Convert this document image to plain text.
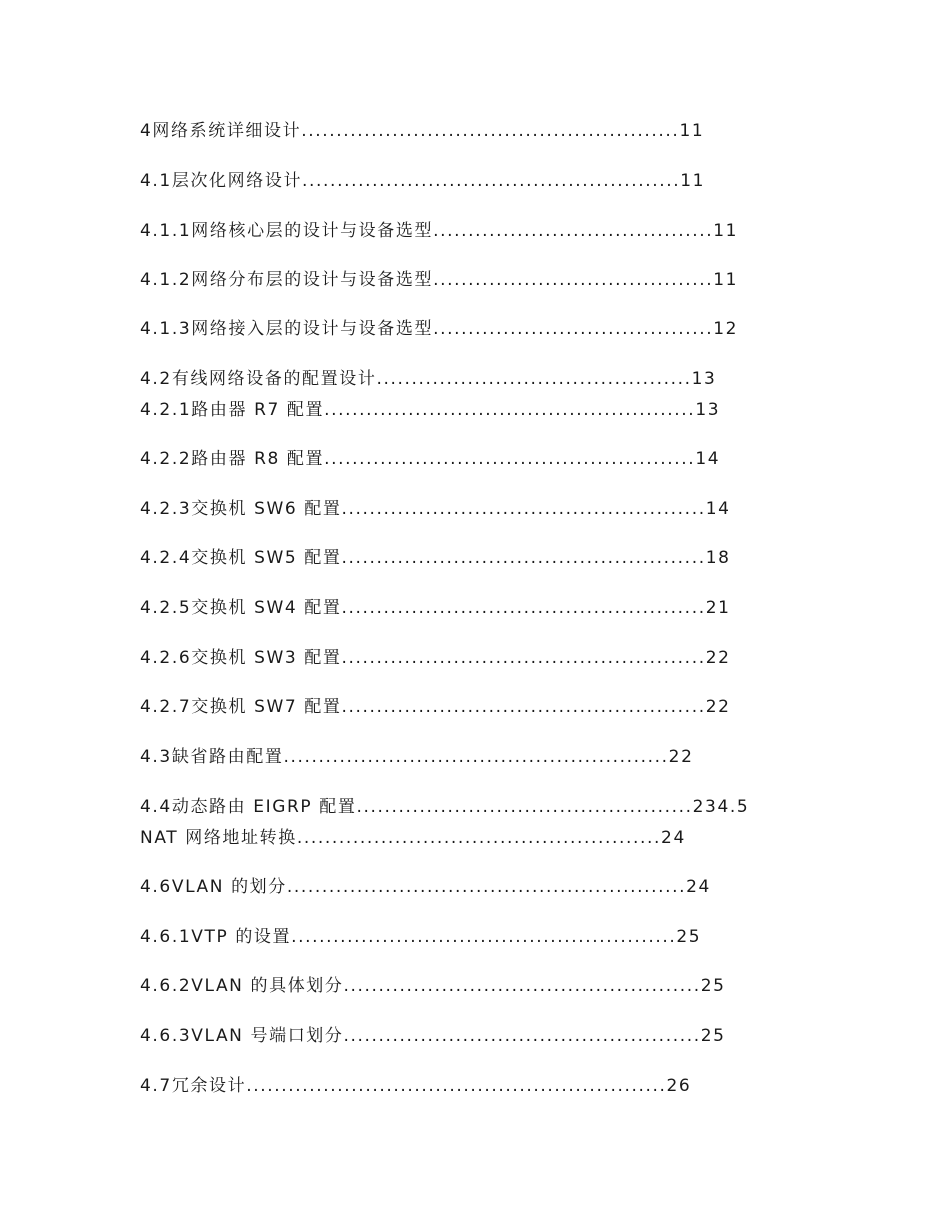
4网络系统详细设计......................................................11
4.1层次化网络设计......................................................11
4.1.1网络核心层的设计与设备选型........................................11
4.1.2网络分布层的设计与设备选型........................................11
4.1.3网络接入层的设计与设备选型........................................12
4.2有线网络设备的配置设计.............................................13
4.2.1路由器 R7 配置.....................................................13
4.2.2路由器 R8 配置.....................................................14
4.2.3交换机 SW6 配置....................................................14
4.2.4交换机 SW5 配置....................................................18
4.2.5交换机 SW4 配置....................................................21
4.2.6交换机 SW3 配置....................................................22
4.2.7交换机 SW7 配置....................................................22
4.3缺省路由配置.......................................................22
4.4动态路由 EIGRP 配置................................................234.5
NAT 网络地址转换....................................................24
4.6VLAN 的划分.........................................................24
4.6.1VTP 的设置.......................................................25
4.6.2VLAN 的具体划分...................................................25
4.6.3VLAN 号端口划分...................................................25
4.7冗余设计............................................................26
